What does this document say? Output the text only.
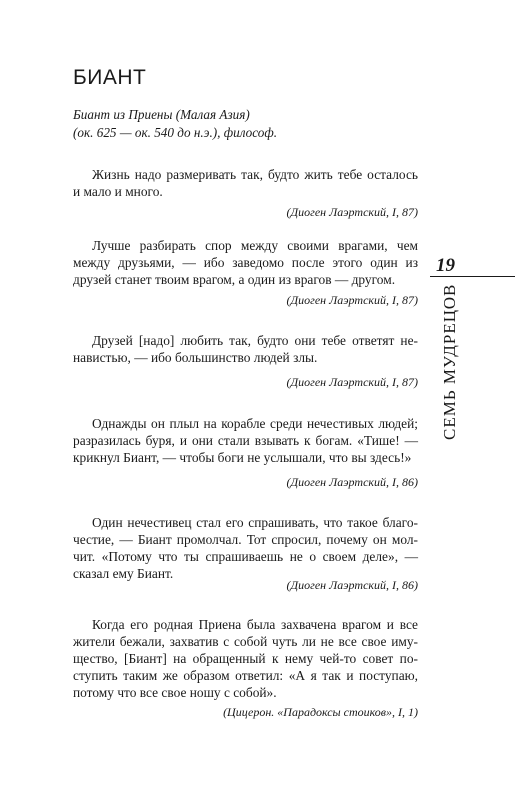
БИАНТ
Биант из Приены (Малая Азия)
(ок. 625 — ок. 540 до н.э.), философ.
Жизнь надо размеривать так, будто жить тебе осталось
и мало и много.
(Диоген Лаэртский, I, 87)
Лучше разбирать спор между своими врагами, чем
между друзьями, — ибо заведомо после этого один из
друзей станет твоим врагом, а один из врагов — другом.
(Диоген Лаэртский, I, 87)
Друзей [надо] любить так, будто они тебе ответят не-
навистью, — ибо большинство людей злы.
(Диоген Лаэртский, I, 87)
Однажды он плыл на корабле среди нечестивых людей;
разразилась буря, и они стали взывать к богам. «Тише! —
крикнул Биант, — чтобы боги не услышали, что вы здесь!»
(Диоген Лаэртский, I, 86)
Один нечестивец стал его спрашивать, что такое благо-
честие, — Биант промолчал. Тот спросил, почему он мол-
чит. «Потому что ты спрашиваешь не о своем деле», —
сказал ему Биант.
(Диоген Лаэртский, I, 86)
Когда его родная Приена была захвачена врагом и все
жители бежали, захватив с собой чуть ли не все свое иму-
щество, [Биант] на обращенный к нему чей-то совет по-
ступить таким же образом ответил: «А я так и поступаю,
потому что все свое ношу с собой».
(Цицерон. «Парадоксы стоиков», I, 1)
19
СЕМЬ МУДРЕЦОВ
